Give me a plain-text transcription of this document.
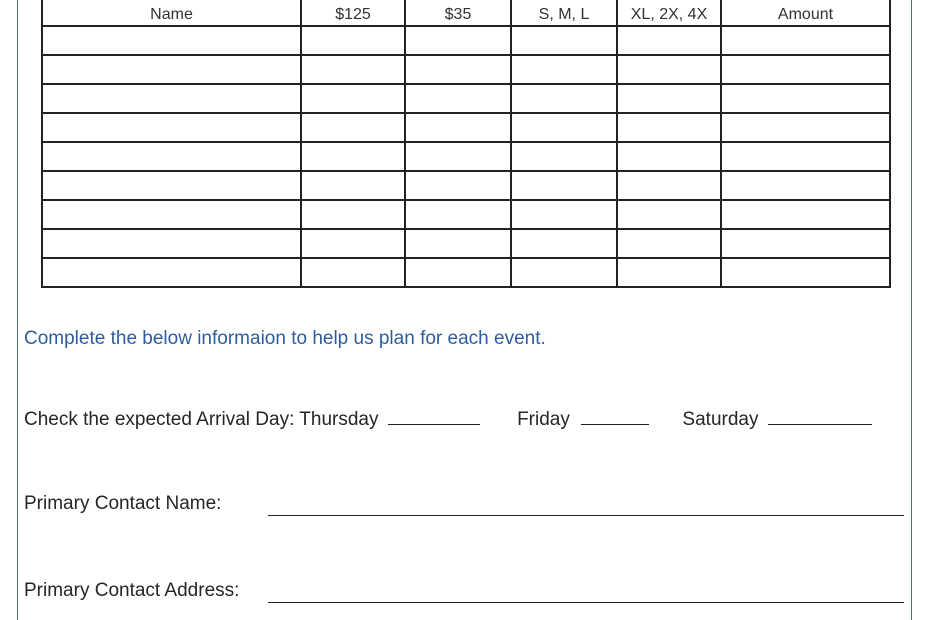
Name	$125	$35	S, M, L	XL, 2X, 4X	Amount

Complete the below informaion to help us plan for each event.
Check the expected Arrival Day: Thursday	Friday	Saturday
Primary Contact Name:
Primary Contact Address:
